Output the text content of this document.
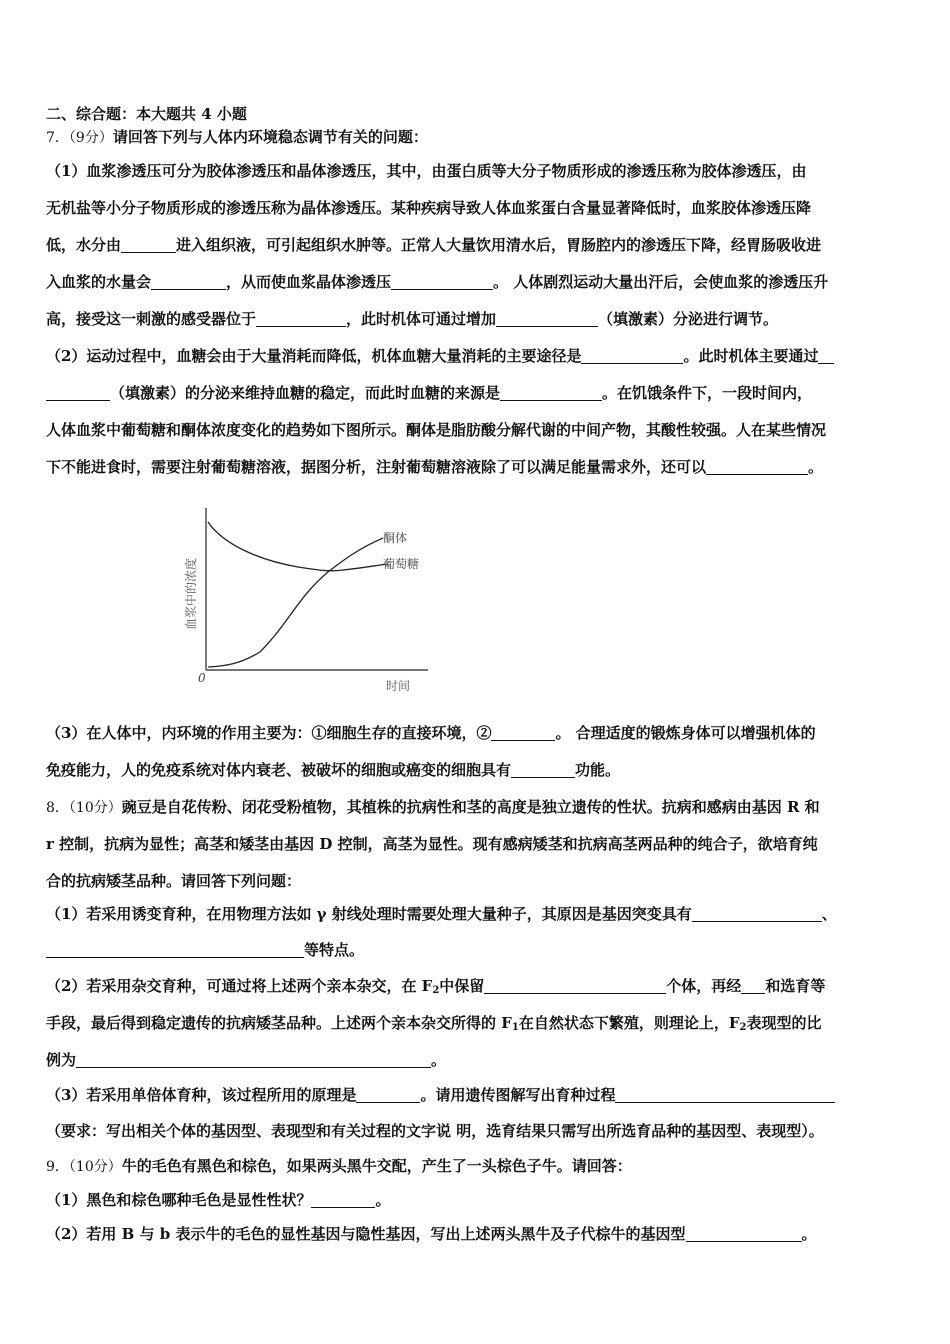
二、综合题：本大题共 4 小题
7．（9分）请回答下列与人体内环境稳态调节有关的问题：
（1）血浆渗透压可分为胶体渗透压和晶体渗透压，其中，由蛋白质等大分子物质形成的渗透压称为胶体渗透压，由
无机盐等小分子物质形成的渗透压称为晶体渗透压。某种疾病导致人体血浆蛋白含量显著降低时，血浆胶体渗透压降
低，水分由	进入组织液，可引起组织水肿等。正常人大量饮用清水后，胃肠腔内的渗透压下降，经胃肠吸收进
入血浆的水量会	，从而使血浆晶体渗透压	。 人体剧烈运动大量出汗后，会使血浆的渗透压升
高，接受这一刺激的感受器位于	，此时机体可通过增加	（填激素）分泌进行调节。
（2）运动过程中，血糖会由于大量消耗而降低，机体血糖大量消耗的主要途径是	。此时机体主要通过
（填激素）的分泌来维持血糖的稳定，而此时血糖的来源是	。在饥饿条件下，一段时间内，
人体血浆中葡萄糖和酮体浓度变化的趋势如下图所示。酮体是脂肪酸分解代谢的中间产物，其酸性较强。人在某些情况
下不能进食时，需要注射葡萄糖溶液，据图分析，注射葡萄糖溶液除了可以满足能量需求外，还可以	。
0
时间
酮体
葡萄糖
血浆中的浓度
（3）在人体中，内环境的作用主要为：①细胞生存的直接环境，②	。 合理适度的锻炼身体可以增强机体的
免疫能力，人的免疫系统对体内衰老、被破坏的细胞或癌变的细胞具有	功能。
8．（10分）豌豆是自花传粉、闭花受粉植物，其植株的抗病性和茎的高度是独立遗传的性状。抗病和感病由基因 R 和
r 控制，抗病为显性；高茎和矮茎由基因 D 控制，高茎为显性。现有感病矮茎和抗病高茎两品种的纯合子，欲培育纯
合的抗病矮茎品种。请回答下列问题：
（1）若采用诱变育种，在用物理方法如 γ 射线处理时需要处理大量种子，其原因是基因突变具有	、
等特点。
（2）若采用杂交育种，可通过将上述两个亲本杂交，在 $F_2$中保留	个体，再经 和选育等
手段，最后得到稳定遗传的抗病矮茎品种。上述两个亲本杂交所得的 $F_1$在自然状态下繁殖，则理论上，$F_2$表现型的比
例为	。
（3）若采用单倍体育种，该过程所用的原理是	。请用遗传图解写出育种过程
（要求：写出相关个体的基因型、表现型和有关过程的文字说 明，选育结果只需写出所选育品种的基因型、表现型）。
9．（10分）牛的毛色有黑色和棕色，如果两头黑牛交配，产生了一头棕色子牛。请回答：
（1）黑色和棕色哪种毛色是显性性状？	。
（2）若用 B 与 b 表示牛的毛色的显性基因与隐性基因，写出上述两头黑牛及子代棕牛的基因型	。
